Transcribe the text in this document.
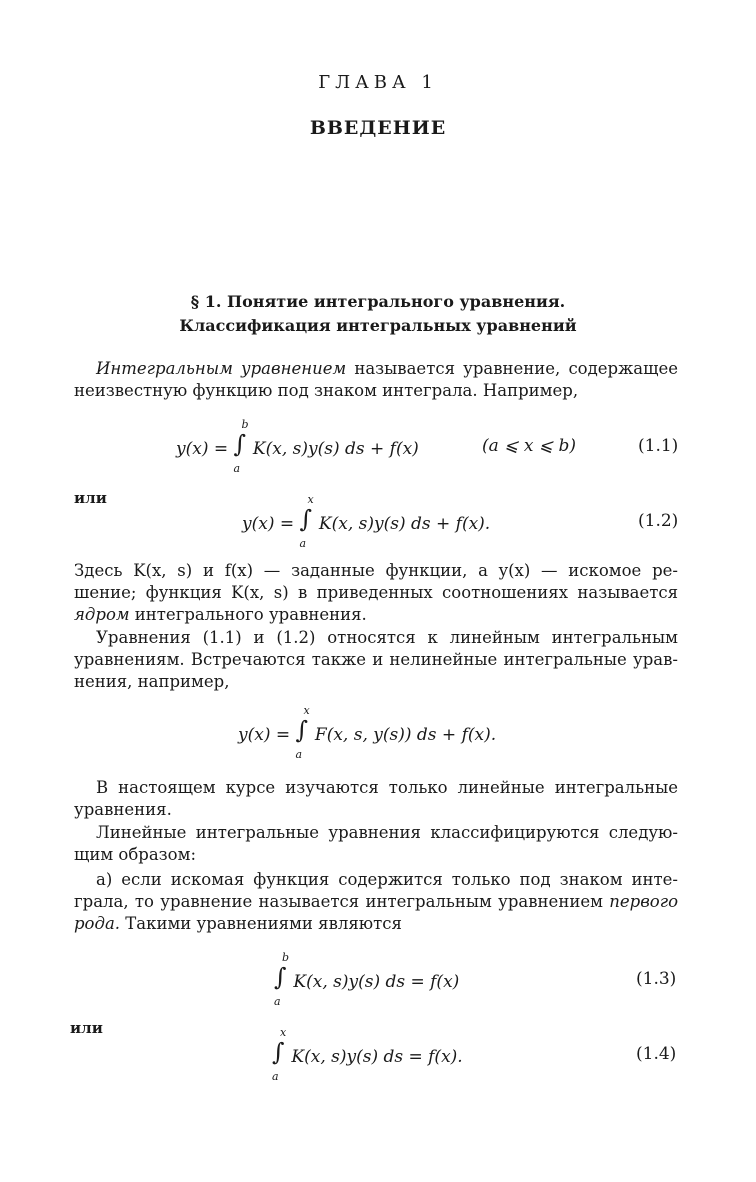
ГЛАВА 1
ВВЕДЕНИЕ
§ 1. Понятие интегрального уравнения.
Классификация интегральных уравнений
Интегральным уравнением называется уравнение, содержащее
неизвестную функцию под знаком интеграла. Например,
y(x) = ∫
b
a
K(x, s)y(s) ds + f(x)	(a ⩽ x ⩽ b)	(1.1)
или
y(x) = ∫
x
a
K(x, s)y(s) ds + f(x).	(1.2)
Здесь K(x, s) и f(x) — заданные функции, а y(x) — искомое ре-
шение; функция K(x, s) в приведенных соотношениях называется
ядром интегрального уравнения.
Уравнения (1.1) и (1.2) относятся к линейным интегральным
уравнениям. Встречаются также и нелинейные интегральные урав-
нения, например,
y(x) = ∫
x
a
F(x, s, y(s)) ds + f(x).
В настоящем курсе изучаются только линейные интегральные
уравнения.
Линейные интегральные уравнения классифицируются следую-
щим образом:
а) если искомая функция содержится только под знаком инте-
грала, то уравнение называется интегральным уравнением первого
рода. Такими уравнениями являются
∫
b
a
K(x, s)y(s) ds = f(x)	(1.3)
или
∫
x
a
K(x, s)y(s) ds = f(x).	(1.4)
